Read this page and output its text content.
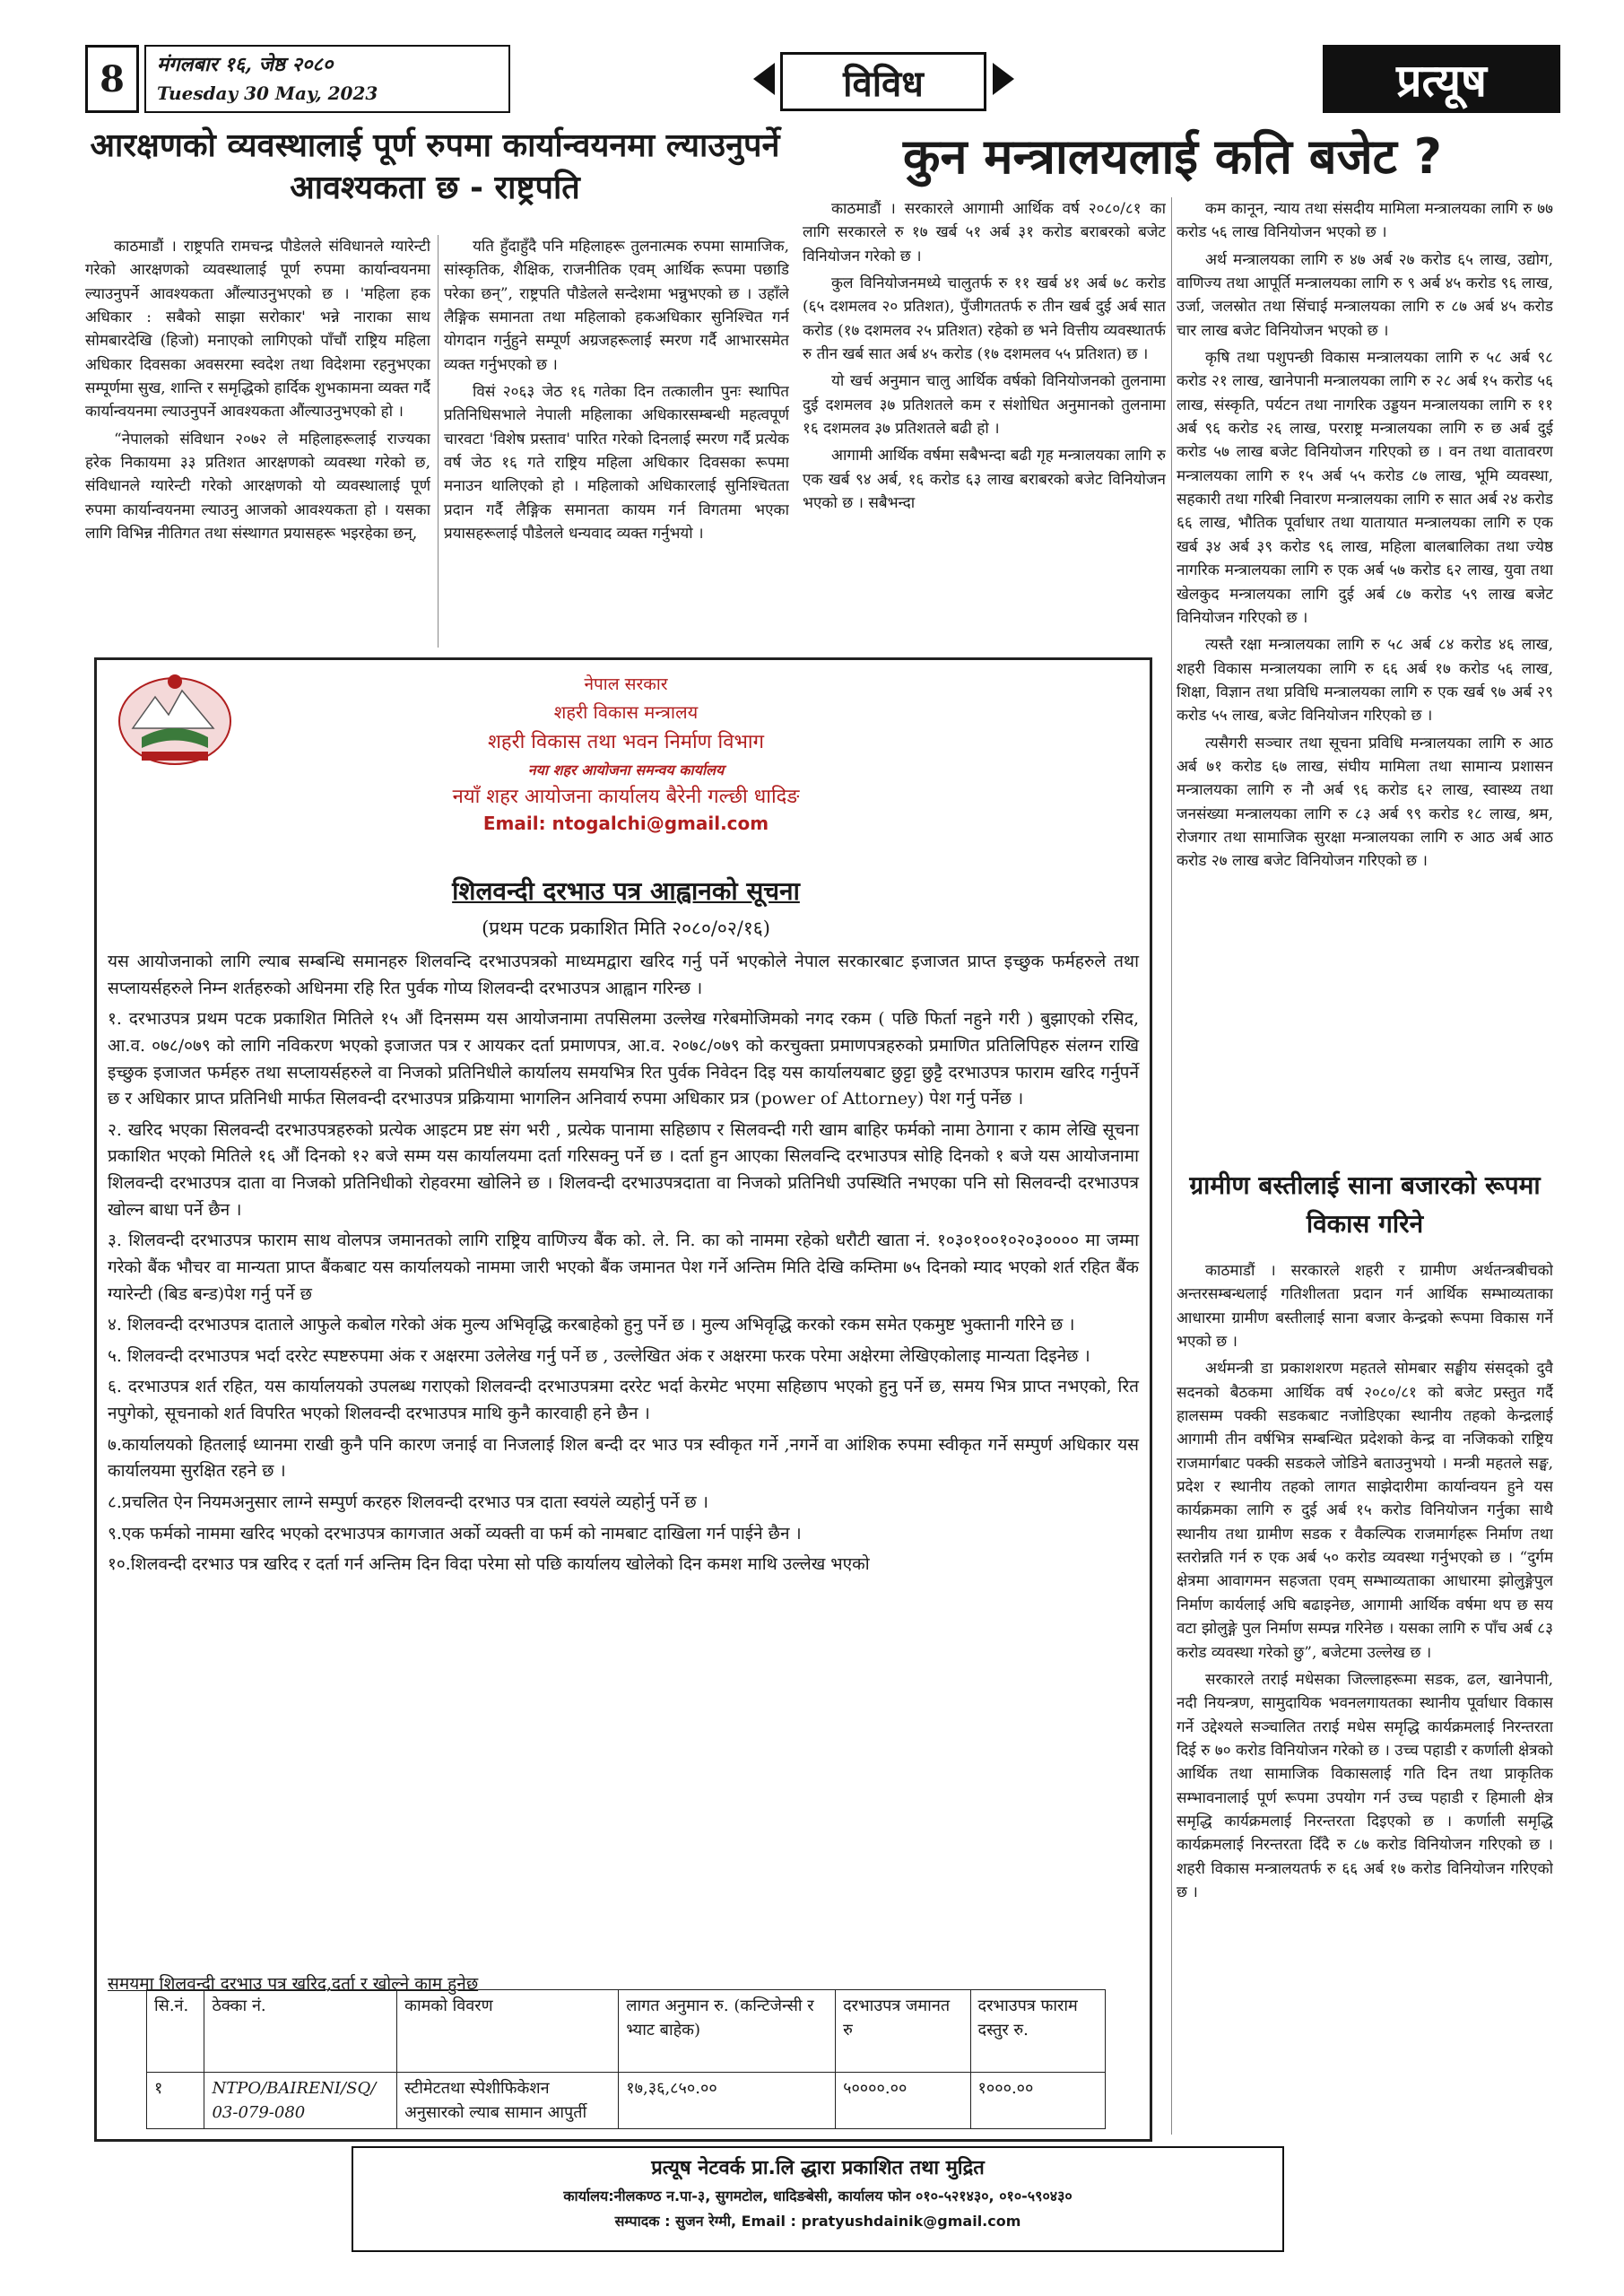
8	मंगलबार १६, जेष्ठ २०८०
Tuesday 30 May, 2023	विविध	प्रत्यूष
आरक्षणको व्यवस्थालाई पूर्ण रुपमा कार्यान्वयनमा ल्याउनुपर्ने आवश्यकता छ - राष्ट्रपति
कुन मन्त्रालयलाई कति बजेट ?

काठमाडौं । राष्ट्रपति रामचन्द्र पौडेलले संविधानले ग्यारेन्टी गरेको आरक्षणको व्यवस्थालाई पूर्ण रुपमा कार्यान्वयनमा ल्याउनुपर्ने आवश्यकता औंल्याउनुभएको छ । 'महिला हक अधिकार : सबैको साझा सरोकार' भन्ने नाराका साथ सोमबारदेखि (हिजो) मनाएको लागिएको पाँचौं राष्ट्रिय महिला अधिकार दिवसका अवसरमा स्वदेश तथा विदेशमा रहनुभएका सम्पूर्णमा सुख, शान्ति र समृद्धिको हार्दिक शुभकामना व्यक्त गर्दै कार्यान्वयनमा ल्याउनुपर्ने आवश्यकता औंल्याउनुभएको हो ।

“नेपालको संविधान २०७२ ले महिलाहरूलाई राज्यका हरेक निकायमा ३३ प्रतिशत आरक्षणको व्यवस्था गरेको छ, संविधानले ग्यारेन्टी गरेको आरक्षणको यो व्यवस्थालाई पूर्ण रुपमा कार्यान्वयनमा ल्याउनु आजको आवश्यकता हो । यसका लागि विभिन्न नीतिगत तथा संस्थागत प्रयासहरू भइरहेका छन्,

यति हुँदाहुँदै पनि महिलाहरू तुलनात्मक रुपमा सामाजिक, सांस्कृतिक, शैक्षिक, राजनीतिक एवम् आर्थिक रूपमा पछाडि परेका छन्”, राष्ट्रपति पौडेलले सन्देशमा भन्नुभएको छ । उहाँले लैङ्गिक समानता तथा महिलाको हकअधिकार सुनिश्चित गर्न योगदान गर्नुहुने सम्पूर्ण अग्रजहरूलाई स्मरण गर्दै आभारसमेत व्यक्त गर्नुभएको छ ।

विसं २०६३ जेठ १६ गतेका दिन तत्कालीन पुनः स्थापित प्रतिनिधिसभाले नेपाली महिलाका अधिकारसम्बन्धी महत्वपूर्ण चारवटा 'विशेष प्रस्ताव' पारित गरेको दिनलाई स्मरण गर्दै प्रत्येक वर्ष जेठ १६ गते राष्ट्रिय महिला अधिकार दिवसका रूपमा मनाउन थालिएको हो । महिलाको अधिकारलाई सुनिश्चितता प्रदान गर्दै लैङ्गिक समानता कायम गर्न विगतमा भएका प्रयासहरूलाई पौडेलले धन्यवाद व्यक्त गर्नुभयो ।

काठमाडौं । सरकारले आगामी आर्थिक वर्ष २०८०/८१ का लागि सरकारले रु १७ खर्ब ५१ अर्ब ३१ करोड बराबरको बजेट विनियोजन गरेको छ ।

कुल विनियोजनमध्ये चालुतर्फ रु ११ खर्ब ४१ अर्ब ७८ करोड (६५ दशमलव २० प्रतिशत), पुँजीगततर्फ रु तीन खर्ब दुई अर्ब सात करोड (१७ दशमलव २५ प्रतिशत) रहेको छ भने वित्तीय व्यवस्थातर्फ रु तीन खर्ब सात अर्ब ४५ करोड (१७ दशमलव ५५ प्रतिशत) छ ।

यो खर्च अनुमान चालु आर्थिक वर्षको विनियोजनको तुलनामा दुई दशमलव ३७ प्रतिशतले कम र संशोधित अनुमानको तुलनामा १६ दशमलव ३७ प्रतिशतले बढी हो ।

आगामी आर्थिक वर्षमा सबैभन्दा बढी गृह मन्त्रालयका लागि रु एक खर्ब ९४ अर्ब, १६ करोड ६३ लाख बराबरको बजेट विनियोजन भएको छ । सबैभन्दा

कम कानून, न्याय तथा संसदीय मामिला मन्त्रालयका लागि रु ७७ करोड ५६ लाख विनियोजन भएको छ ।

अर्थ मन्त्रालयका लागि रु ४७ अर्ब २७ करोड ६५ लाख, उद्योग, वाणिज्य तथा आपूर्ति मन्त्रालयका लागि रु ९ अर्ब ४५ करोड ९६ लाख, उर्जा, जलस्रोत तथा सिंचाई मन्त्रालयका लागि रु ८७ अर्ब ४५ करोड चार लाख बजेट विनियोजन भएको छ ।

कृषि तथा पशुपन्छी विकास मन्त्रालयका लागि रु ५८ अर्ब ९८ करोड २१ लाख, खानेपानी मन्त्रालयका लागि रु २८ अर्ब १५ करोड ५६ लाख, संस्कृति, पर्यटन तथा नागरिक उड्डयन मन्त्रालयका लागि रु ११ अर्ब ९६ करोड २६ लाख, परराष्ट्र मन्त्रालयका लागि रु छ अर्ब दुई करोड ५७ लाख बजेट विनियोजन गरिएको छ । वन तथा वातावरण मन्त्रालयका लागि रु १५ अर्ब ५५ करोड ८७ लाख, भूमि व्यवस्था, सहकारी तथा गरिबी निवारण मन्त्रालयका लागि रु सात अर्ब २४ करोड ६६ लाख, भौतिक पूर्वाधार तथा यातायात मन्त्रालयका लागि रु एक खर्ब ३४ अर्ब ३९ करोड ९६ लाख, महिला बालबालिका तथा ज्येष्ठ नागरिक मन्त्रालयका लागि रु एक अर्ब ५७ करोड ६२ लाख, युवा तथा खेलकुद मन्त्रालयका लागि दुई अर्ब ८७ करोड ५९ लाख बजेट विनियोजन गरिएको छ ।

त्यस्तै रक्षा मन्त्रालयका लागि रु ५८ अर्ब ८४ करोड ४६ लाख, शहरी विकास मन्त्रालयका लागि रु ६६ अर्ब १७ करोड ५६ लाख, शिक्षा, विज्ञान तथा प्रविधि मन्त्रालयका लागि रु एक खर्ब ९७ अर्ब २९ करोड ५५ लाख, बजेट विनियोजन गरिएको छ ।

त्यसैगरी सञ्चार तथा सूचना प्रविधि मन्त्रालयका लागि रु आठ अर्ब ७१ करोड ६७ लाख, संघीय मामिला तथा सामान्य प्रशासन मन्त्रालयका लागि रु नौ अर्ब ९६ करोड ६२ लाख, स्वास्थ्य तथा जनसंख्या मन्त्रालयका लागि रु ८३ अर्ब ९९ करोड १८ लाख, श्रम, रोजगार तथा सामाजिक सुरक्षा मन्त्रालयका लागि रु आठ अर्ब आठ करोड २७ लाख बजेट विनियोजन गरिएको छ ।

ग्रामीण बस्तीलाई साना बजारको रूपमा विकास गरिने

काठमाडौं । सरकारले शहरी र ग्रामीण अर्थतन्त्रबीचको अन्तरसम्बन्धलाई गतिशीलता प्रदान गर्न आर्थिक सम्भाव्यताका आधारमा ग्रामीण बस्तीलाई साना बजार केन्द्रको रूपमा विकास गर्ने भएको छ ।

अर्थमन्त्री डा प्रकाशशरण महतले सोमबार सङ्घीय संसद्को दुवै सदनको बैठकमा आर्थिक वर्ष २०८०/८१ को बजेट प्रस्तुत गर्दै हालसम्म पक्की सडकबाट नजोडिएका स्थानीय तहको केन्द्रलाई आगामी तीन वर्षभित्र सम्बन्धित प्रदेशको केन्द्र वा नजिकको राष्ट्रिय राजमार्गबाट पक्की सडकले जोडिने बताउनुभयो । मन्त्री महतले सङ्घ, प्रदेश र स्थानीय तहको लागत साझेदारीमा कार्यान्वयन हुने यस कार्यक्रमका लागि रु दुई अर्ब १५ करोड विनियोजन गर्नुका साथै स्थानीय तथा ग्रामीण सडक र वैकल्पिक राजमार्गहरू निर्माण तथा स्तरोन्नति गर्न रु एक अर्ब ५० करोड व्यवस्था गर्नुभएको छ । “दुर्गम क्षेत्रमा आवागमन सहजता एवम् सम्भाव्यताका आधारमा झोलुङ्गेपुल निर्माण कार्यलाई अघि बढाइनेछ, आगामी आर्थिक वर्षमा थप छ सय वटा झोलुङ्गे पुल निर्माण सम्पन्न गरिनेछ । यसका लागि रु पाँच अर्ब ८३ करोड व्यवस्था गरेको छु”, बजेटमा उल्लेख छ ।

सरकारले तराई मधेसका जिल्लाहरूमा सडक, ढल, खानेपानी, नदी नियन्त्रण, सामुदायिक भवनलगायतका स्थानीय पूर्वाधार विकास गर्ने उद्देश्यले सञ्चालित तराई मधेस समृद्धि कार्यक्रमलाई निरन्तरता दिई रु ७० करोड विनियोजन गरेको छ । उच्च पहाडी र कर्णाली क्षेत्रको आर्थिक तथा सामाजिक विकासलाई गति दिन तथा प्राकृतिक सम्भावनालाई पूर्ण रूपमा उपयोग गर्न उच्च पहाडी र हिमाली क्षेत्र समृद्धि कार्यक्रमलाई निरन्तरता दिइएको छ । कर्णाली समृद्धि कार्यक्रमलाई निरन्तरता दिँदै रु ८७ करोड विनियोजन गरिएको छ । शहरी विकास मन्त्रालयतर्फ रु ६६ अर्ब १७ करोड विनियोजन गरिएको छ ।

नेपाल सरकार
शहरी विकास मन्त्रालय
शहरी विकास तथा भवन निर्माण विभाग
नया शहर आयोजना समन्वय कार्यालय
नयाँ शहर आयोजना कार्यालय बैरेनी गल्छी धादिङ
Email: ntogalchi@gmail.com
शिलवन्दी दरभाउ पत्र आह्वानको सूचना
(प्रथम पटक प्रकाशित मिति २०८०/०२/१६)

यस आयोजनाको लागि ल्याब सम्बन्धि समानहरु शिलवन्दि दरभाउपत्रको माध्यमद्वारा खरिद गर्नु पर्ने भएकोले नेपाल सरकारबाट इजाजत प्राप्त इच्छुक फर्महरुले तथा सप्लायर्सहरुले निम्न शर्तहरुको अधिनमा रहि रित पुर्वक गोप्य शिलवन्दी दरभाउपत्र आह्वान गरिन्छ ।

१. दरभाउपत्र प्रथम पटक प्रकाशित मितिले १५ औं दिनसम्म यस आयोजनामा तपसिलमा उल्लेख गरेबमोजिमको नगद रकम ( पछि फिर्ता नहुने गरी ) बुझाएको रसिद, आ.व. ०७८/०७९ को लागि नविकरण भएको इजाजत पत्र र आयकर दर्ता प्रमाणपत्र, आ.व. २०७८/०७९ को करचुक्ता प्रमाणपत्रहरुको प्रमाणित प्रतिलिपिहरु संलग्न राखि इच्छुक इजाजत फर्महरु तथा सप्लायर्सहरुले वा निजको प्रतिनिधीले कार्यालय समयभित्र रित पुर्वक निवेदन दिइ यस कार्यालयबाट छुट्टा छुट्टै दरभाउपत्र फाराम खरिद गर्नुपर्ने छ र अधिकार प्राप्त प्रतिनिधी मार्फत सिलवन्दी दरभाउपत्र प्रक्रियामा भागलिन अनिवार्य रुपमा अधिकार प्रत्र (power of Attorney) पेश गर्नु पर्नेछ ।

२. खरिद भएका सिलवन्दी दरभाउपत्रहरुको प्रत्येक आइटम प्रष्ट संग भरी , प्रत्येक पानामा सहिछाप र सिलवन्दी गरी खाम बाहिर फर्मको नामा ठेगाना र काम लेखि सूचना प्रकाशित भएको मितिले १६ औं दिनको १२ बजे सम्म यस कार्यालयमा दर्ता गरिसक्नु पर्ने छ । दर्ता हुन आएका सिलवन्दि दरभाउपत्र सोहि दिनको १ बजे यस आयोजनामा शिलवन्दी दरभाउपत्र दाता वा निजको प्रतिनिधीको रोहवरमा खोलिने छ । शिलवन्दी दरभाउपत्रदाता वा निजको प्रतिनिधी उपस्थिति नभएका पनि सो सिलवन्दी दरभाउपत्र खोल्न बाधा पर्ने छैन ।

३. शिलवन्दी दरभाउपत्र फाराम साथ वोलपत्र जमानतको लागि राष्ट्रिय वाणिज्य बैंक को. ले. नि. का को नाममा रहेको धरौटी खाता नं. १०३०१००१०२०३०००० मा जम्मा गरेको बैंक भौचर वा मान्यता प्राप्त बैंकबाट यस कार्यालयको नाममा जारी भएको बैंक जमानत पेश गर्ने अन्तिम मिति देखि कम्तिमा ७५ दिनको म्याद भएको शर्त रहित बैंक ग्यारेन्टी (बिड बन्ड)पेश गर्नु पर्ने छ

४. शिलवन्दी दरभाउपत्र दाताले आफुले कबोल गरेको अंक मुल्य अभिवृद्धि करबाहेको हुनु पर्ने छ । मुल्य अभिवृद्धि करको रकम समेत एकमुष्ट भुक्तानी गरिने छ ।

५. शिलवन्दी दरभाउपत्र भर्दा दररेट स्पष्टरुपमा अंक र अक्षरमा उलेलेख गर्नु पर्ने छ , उल्लेखित अंक र अक्षरमा फरक परेमा अक्षेरमा लेखिएकोलाइ मान्यता दिइनेछ ।

६. दरभाउपत्र शर्त रहित, यस कार्यालयको उपलब्ध गराएको शिलवन्दी दरभाउपत्रमा दररेट भर्दा केरमेट भएमा सहिछाप भएको हुनु पर्ने छ, समय भित्र प्राप्त नभएको, रित नपुगेको, सूचनाको शर्त विपरित भएको शिलवन्दी दरभाउपत्र माथि कुनै कारवाही हने छैन ।

७.कार्यालयको हितलाई ध्यानमा राखी कुनै पनि कारण जनाई वा निजलाई शिल बन्दी दर भाउ पत्र स्वीकृत गर्ने ,नगर्ने वा आंशिक रुपमा स्वीकृत गर्ने सम्पुर्ण अधिकार यस कार्यालयमा सुरक्षित रहने छ ।

८.प्रचलित ऐन नियमअनुसार लाग्ने सम्पुर्ण करहरु शिलवन्दी दरभाउ पत्र दाता स्वयंले व्यहोर्नु पर्ने छ ।

९.एक फर्मको नाममा खरिद भएको दरभाउपत्र कागजात अर्को व्यक्ती वा फर्म को नामबाट दाखिला गर्न पाईने छैन ।

१०.शिलवन्दी दरभाउ पत्र खरिद र दर्ता गर्न अन्तिम दिन विदा परेमा सो पछि कार्यालय खोलेको दिन कमश माथि उल्लेख भएको

समयमा शिलवन्दी दरभाउ पत्र खरिद,दर्ता र खोल्ने काम हुनेछ
सि.नं.	ठेक्का नं.	कामको विवरण	लागत अनुमान रु. (कन्टिजेन्सी र भ्याट बाहेक)	दरभाउपत्र जमानत रु	दरभाउपत्र फाराम दस्तुर रु.
१	NTPO/BAIRENI/SQ/ 03-079-080	स्टीमेटतथा स्पेशीफिकेशन अनुसारको ल्याब सामान आपुर्ती	१७,३६,८५०.००	५००००.००	१०००.००
प्रत्यूष नेटवर्क प्रा.लि द्धारा प्रकाशित तथा मुद्रित
कार्यालय:नीलकण्ठ न.पा-३, सुगमटोल, धादिङबेसी, कार्यालय फोन ०१०-५२१४३०, ०१०-५९०४३०
सम्पादक : सुजन रेग्मी, Email : pratyushdainik@gmail.com
